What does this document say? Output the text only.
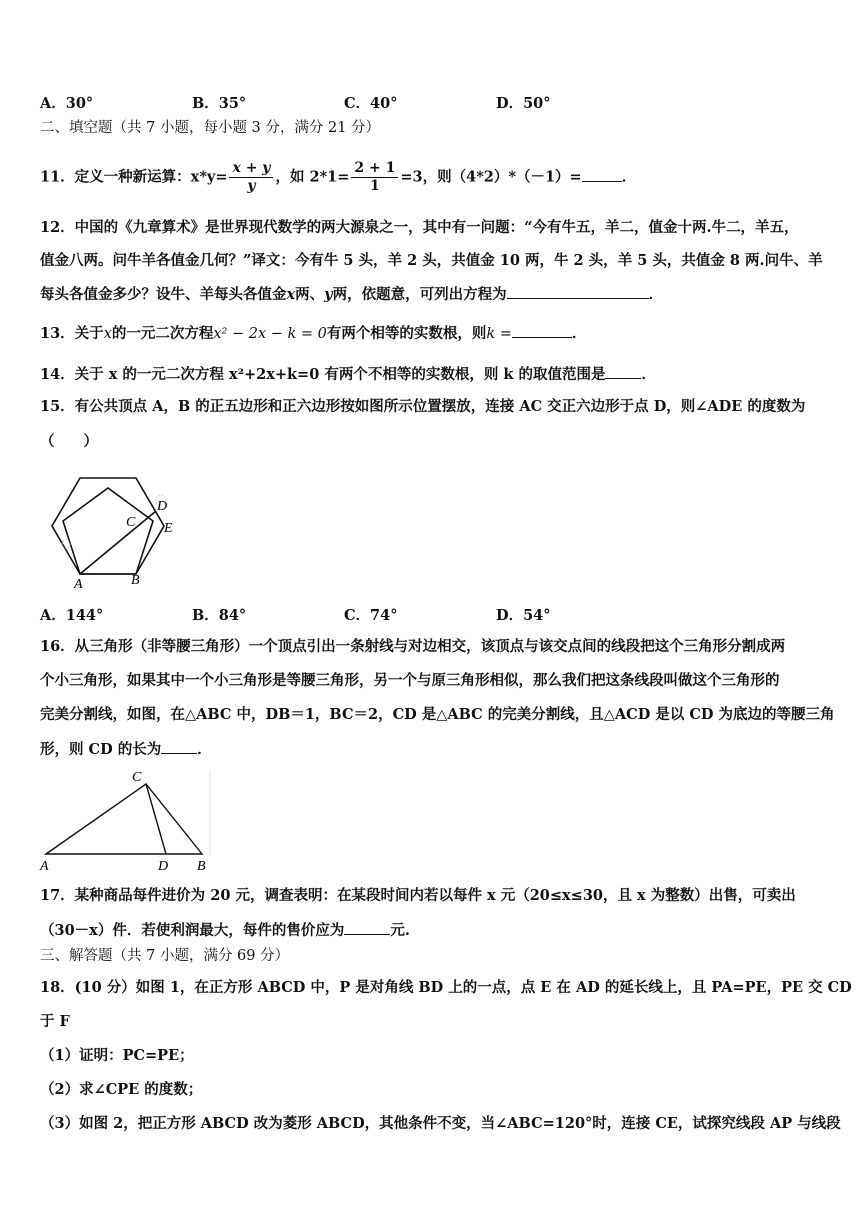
A．30°	B．35°	C．40°	D．50°
二、填空题（共 7 小题，每小题 3 分，满分 21 分）
11．定义一种新运算：$x*y= \frac{x + y}{y}$ ，如 $2*1= \frac{2 + 1}{1} =3$，则（4*2）*（－1）=	．
12．中国的《九章算术》是世界现代数学的两大源泉之一，其中有一问题：“今有牛五，羊二，值金十两.牛二，羊五，
值金八两。问牛羊各值金几何？”译文：今有牛 5 头，羊 2 头，共值金 10 两，牛 2 头，羊 5 头，共值金 8 两.问牛、羊
每头各值金多少？设牛、羊每头各值金x两、y两，依题意，可列出方程为	．
13．关于x的一元二次方程x² − 2x − k = 0有两个相等的实数根，则k =	．
14．关于 x 的一元二次方程 x²+2x+k=0 有两个不相等的实数根，则 k 的取值范围是 ．
15．有公共顶点 A，B 的正五边形和正六边形按如图所示位置摆放，连接 AC 交正六边形于点 D，则∠ADE 的度数为
（　　）
A	B
C
D
E
A．144°	B．84°	C．74°	D．54°
16．从三角形（非等腰三角形）一个顶点引出一条射线与对边相交，该顶点与该交点间的线段把这个三角形分割成两
个小三角形，如果其中一个小三角形是等腰三角形，另一个与原三角形相似，那么我们把这条线段叫做这个三角形的
完美分割线，如图，在△ABC 中，DB＝1，BC＝2，CD 是△ABC 的完美分割线，且△ACD 是以 CD 为底边的等腰三角
形，则 CD 的长为 ．
C
A	D B
17．某种商品每件进价为 20 元，调查表明：在某段时间内若以每件 x 元（20≤x≤30，且 x 为整数）出售，可卖出
（30－x）件．若使利润最大，每件的售价应为	元.
三、解答题（共 7 小题，满分 69 分）
18．(10 分）如图 1，在正方形 ABCD 中，P 是对角线 BD 上的一点，点 E 在 AD 的延长线上，且 PA=PE，PE 交 CD
于 F
（1）证明：PC=PE；
（2）求∠CPE 的度数；
（3）如图 2，把正方形 ABCD 改为菱形 ABCD，其他条件不变，当∠ABC=120°时，连接 CE，试探究线段 AP 与线段
